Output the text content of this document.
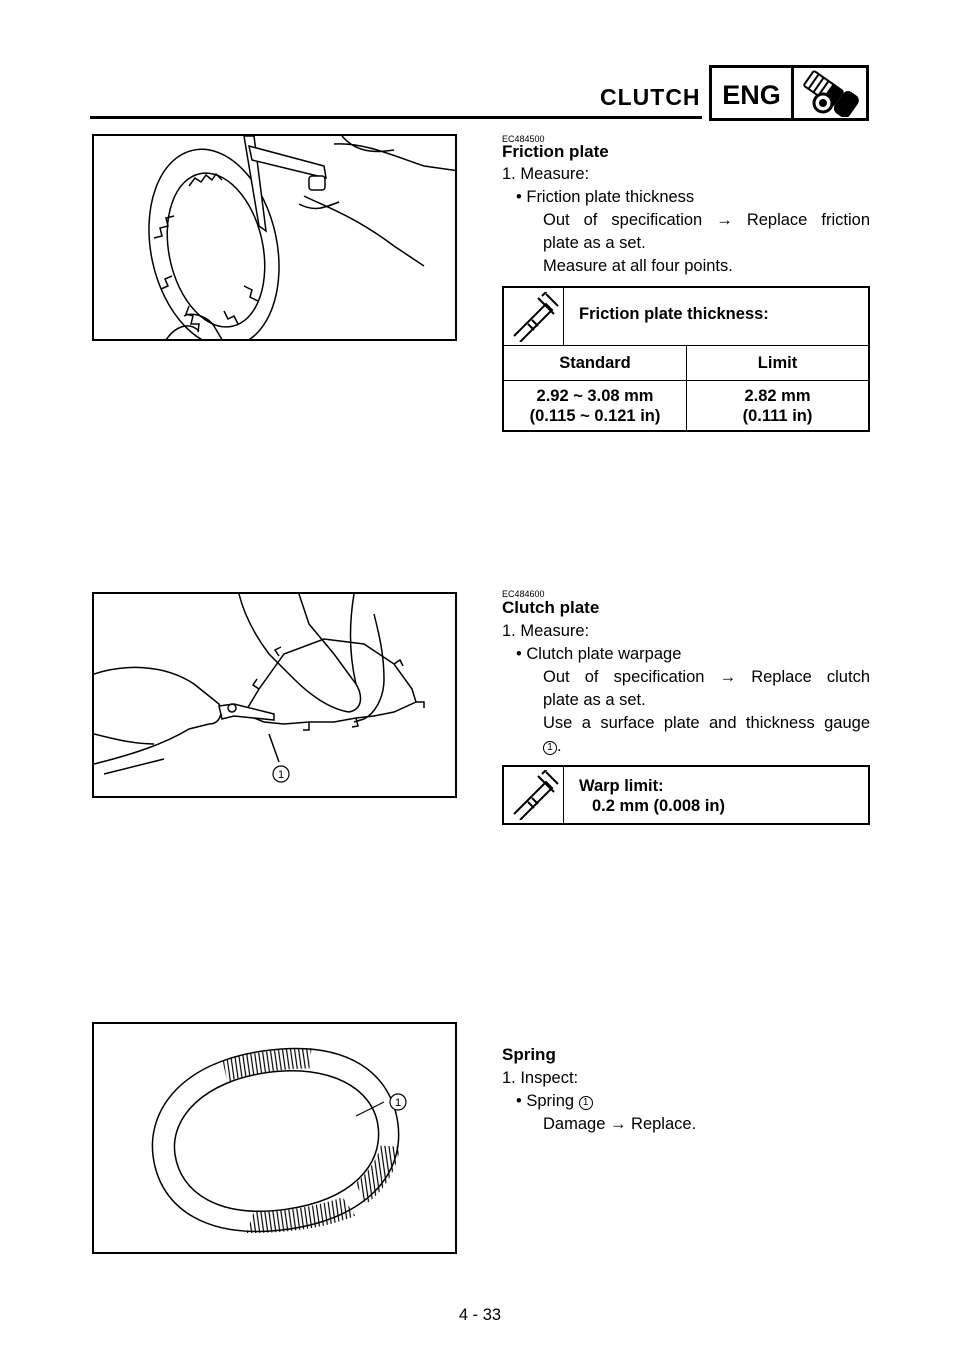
CLUTCH ENG
EC484500
Friction plate
1. Measure:
• Friction plate thickness
Out of specification → Replace friction
plate as a set.
Measure at all four points.
Friction plate thickness:
Standard	Limit
2.92 ~ 3.08 mm
(0.115 ~ 0.121 in)
2.82 mm
(0.111 in)
1
EC484600
Clutch plate
1. Measure:
• Clutch plate warpage
Out of specification → Replace clutch
plate as a set.
Use a surface plate and thickness gauge
1 .
Warp limit:
0.2 mm (0.008 in)
1
Spring
1. Inspect:
• Spring 1
Damage → Replace.
4 - 33
